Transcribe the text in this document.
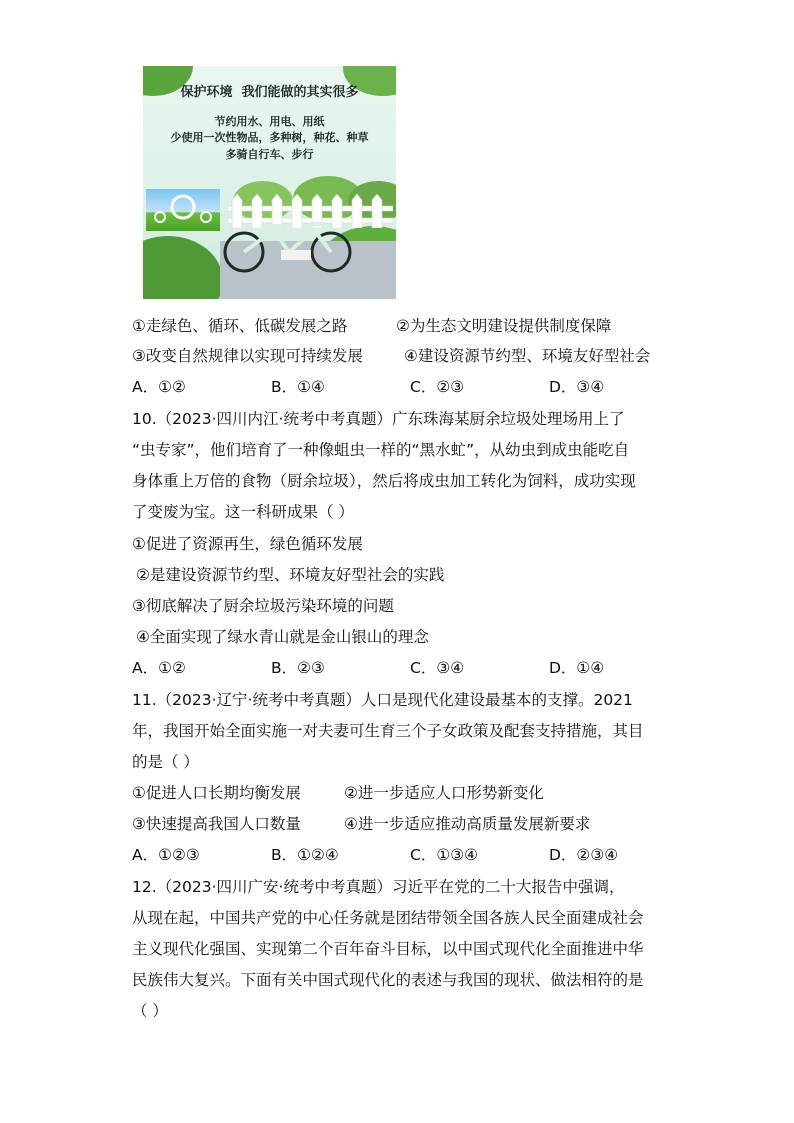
保护环境  我们能做的其实很多
节约用水、用电、用纸
少使用一次性物品，多种树，种花、种草
多骑自行车、步行
①走绿色、循环、低碳发展之路	②为生态文明建设提供制度保障
③改变自然规律以实现可持续发展	④建设资源节约型、环境友好型社会
A．①②	B．①④	C．②③	D．③④
10.（2023·四川内江·统考中考真题）广东珠海某厨余垃圾处理场用上了
“虫专家”，他们培育了一种像蛆虫一样的“黑水虻”，从幼虫到成虫能吃自
身体重上万倍的食物（厨余垃圾），然后将成虫加工转化为饲料，成功实现
了变废为宝。这一科研成果（ ）
①促进了资源再生，绿色循环发展
②是建设资源节约型、环境友好型社会的实践
③彻底解决了厨余垃圾污染环境的问题
④全面实现了绿水青山就是金山银山的理念
A．①②	B．②③	C．③④	D．①④
11.（2023·辽宁·统考中考真题）人口是现代化建设最基本的支撑。2021
年，我国开始全面实施一对夫妻可生育三个子女政策及配套支持措施，其目
的是（ ）
①促进人口长期均衡发展	②进一步适应人口形势新变化
③快速提高我国人口数量	④进一步适应推动高质量发展新要求
A．①②③	B．①②④	C．①③④	D．②③④
12.（2023·四川广安·统考中考真题）习近平在党的二十大报告中强调，
从现在起，中国共产党的中心任务就是团结带领全国各族人民全面建成社会
主义现代化强国、实现第二个百年奋斗目标，以中国式现代化全面推进中华
民族伟大复兴。下面有关中国式现代化的表述与我国的现状、做法相符的是
（ ）
